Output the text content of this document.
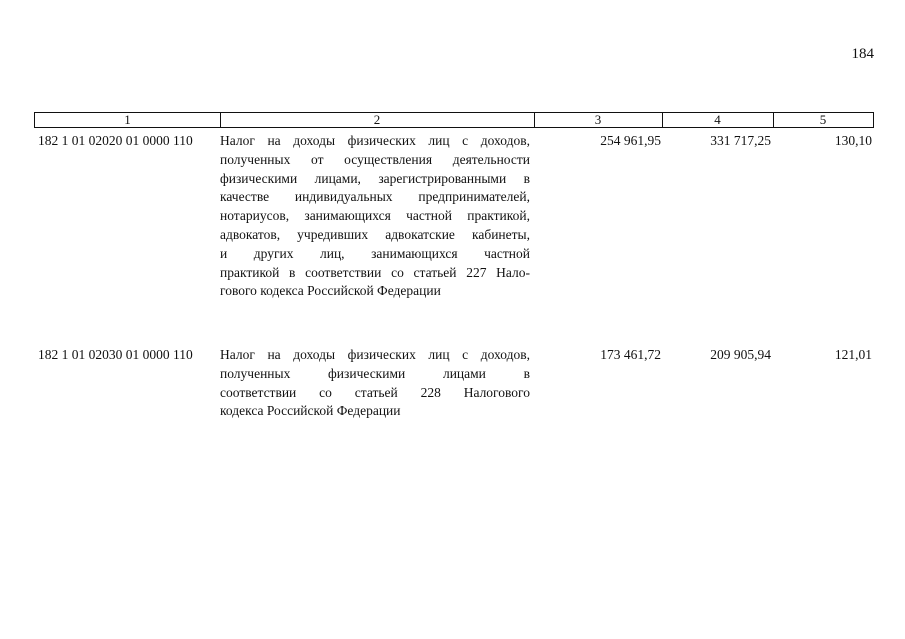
184
1	2	3	4	5
182 1 01 02020 01 0000 110 Налог на доходы физических лиц с доходов,
полученных от осуществления деятельности
физическими лицами, зарегистрированными в
качестве индивидуальных предпринимателей,
нотариусов, занимающихся частной практикой,
адвокатов, учредивших адвокатские кабинеты,
и других лиц, занимающихся частной
практикой в соответствии со статьей 227 Нало-
гового кодекса Российской Федерации
254 961,95	331 717,25	130,10
182 1 01 02030 01 0000 110 Налог на доходы физических лиц с доходов,
полученных физическими лицами в
соответствии со статьей 228 Налогового
кодекса Российской Федерации
173 461,72	209 905,94	121,01
